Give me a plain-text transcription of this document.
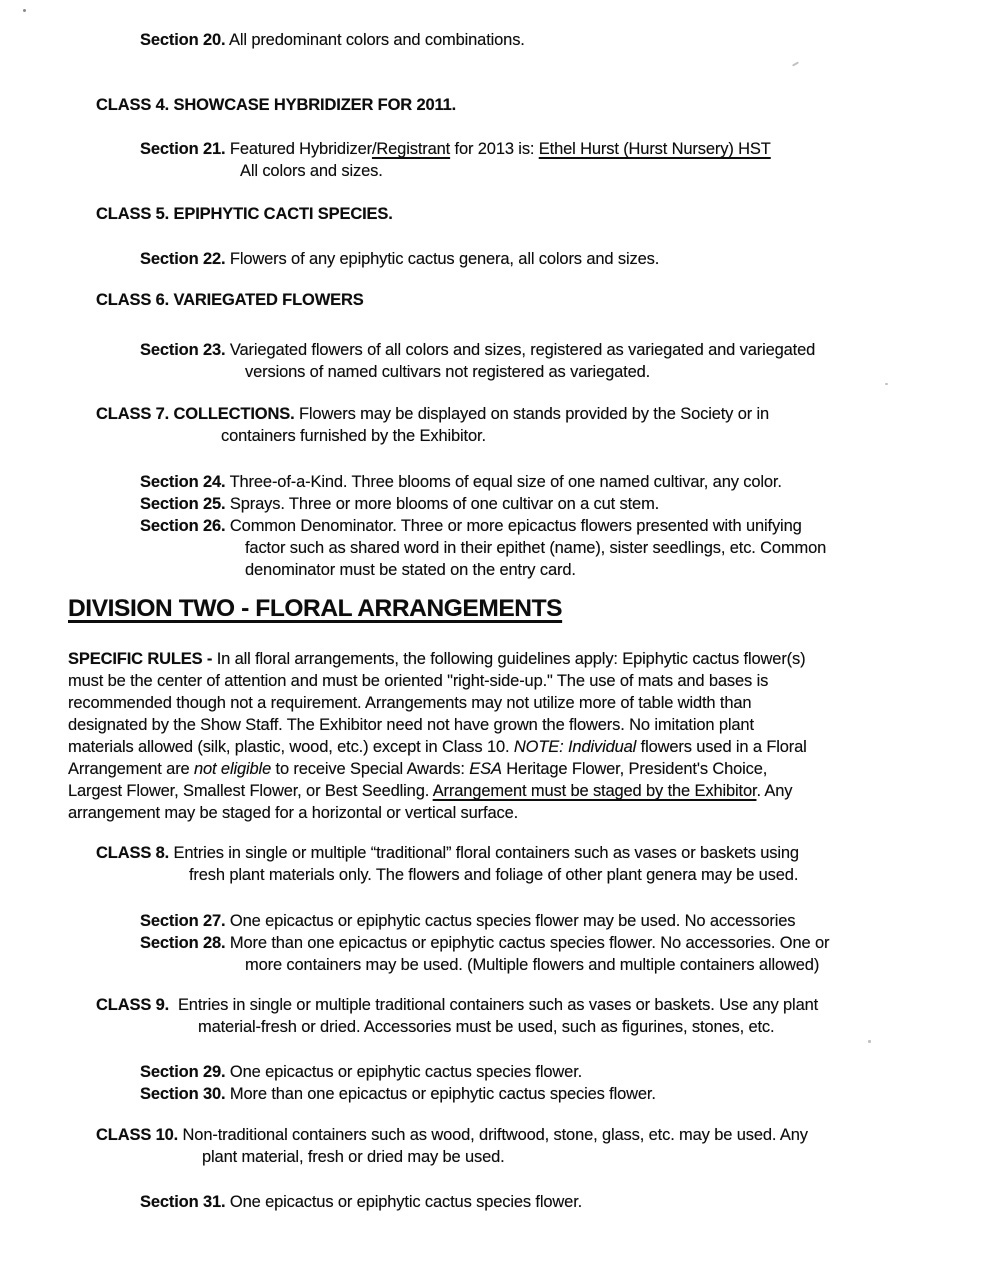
Section 20. All predominant colors and combinations.
CLASS 4. SHOWCASE HYBRIDIZER FOR 2011.
Section 21. Featured Hybridizer/Registrant for 2013 is: Ethel Hurst (Hurst Nursery) HST
All colors and sizes.
CLASS 5. EPIPHYTIC CACTI SPECIES.
Section 22. Flowers of any epiphytic cactus genera, all colors and sizes.
CLASS 6. VARIEGATED FLOWERS
Section 23. Variegated flowers of all colors and sizes, registered as variegated and variegated
versions of named cultivars not registered as variegated.
CLASS 7. COLLECTIONS. Flowers may be displayed on stands provided by the Society or in
containers furnished by the Exhibitor.
Section 24. Three-of-a-Kind. Three blooms of equal size of one named cultivar, any color.
Section 25. Sprays. Three or more blooms of one cultivar on a cut stem.
Section 26. Common Denominator. Three or more epicactus flowers presented with unifying
factor such as shared word in their epithet (name), sister seedlings, etc. Common
denominator must be stated on the entry card.
DIVISION TWO - FLORAL ARRANGEMENTS
SPECIFIC RULES - In all floral arrangements, the following guidelines apply: Epiphytic cactus flower(s)
must be the center of attention and must be oriented "right-side-up." The use of mats and bases is
recommended though not a requirement. Arrangements may not utilize more of table width than
designated by the Show Staff. The Exhibitor need not have grown the flowers. No imitation plant
materials allowed (silk, plastic, wood, etc.) except in Class 10. NOTE: Individual flowers used in a Floral
Arrangement are not eligible to receive Special Awards: ESA Heritage Flower, President's Choice,
Largest Flower, Smallest Flower, or Best Seedling. Arrangement must be staged by the Exhibitor. Any
arrangement may be staged for a horizontal or vertical surface.
CLASS 8. Entries in single or multiple “traditional” floral containers such as vases or baskets using
fresh plant materials only. The flowers and foliage of other plant genera may be used.
Section 27. One epicactus or epiphytic cactus species flower may be used. No accessories
Section 28. More than one epicactus or epiphytic cactus species flower. No accessories. One or
more containers may be used. (Multiple flowers and multiple containers allowed)
CLASS 9.  Entries in single or multiple traditional containers such as vases or baskets. Use any plant
material-fresh or dried. Accessories must be used, such as figurines, stones, etc.
Section 29. One epicactus or epiphytic cactus species flower.
Section 30. More than one epicactus or epiphytic cactus species flower.
CLASS 10. Non-traditional containers such as wood, driftwood, stone, glass, etc. may be used. Any
plant material, fresh or dried may be used.
Section 31. One epicactus or epiphytic cactus species flower.
